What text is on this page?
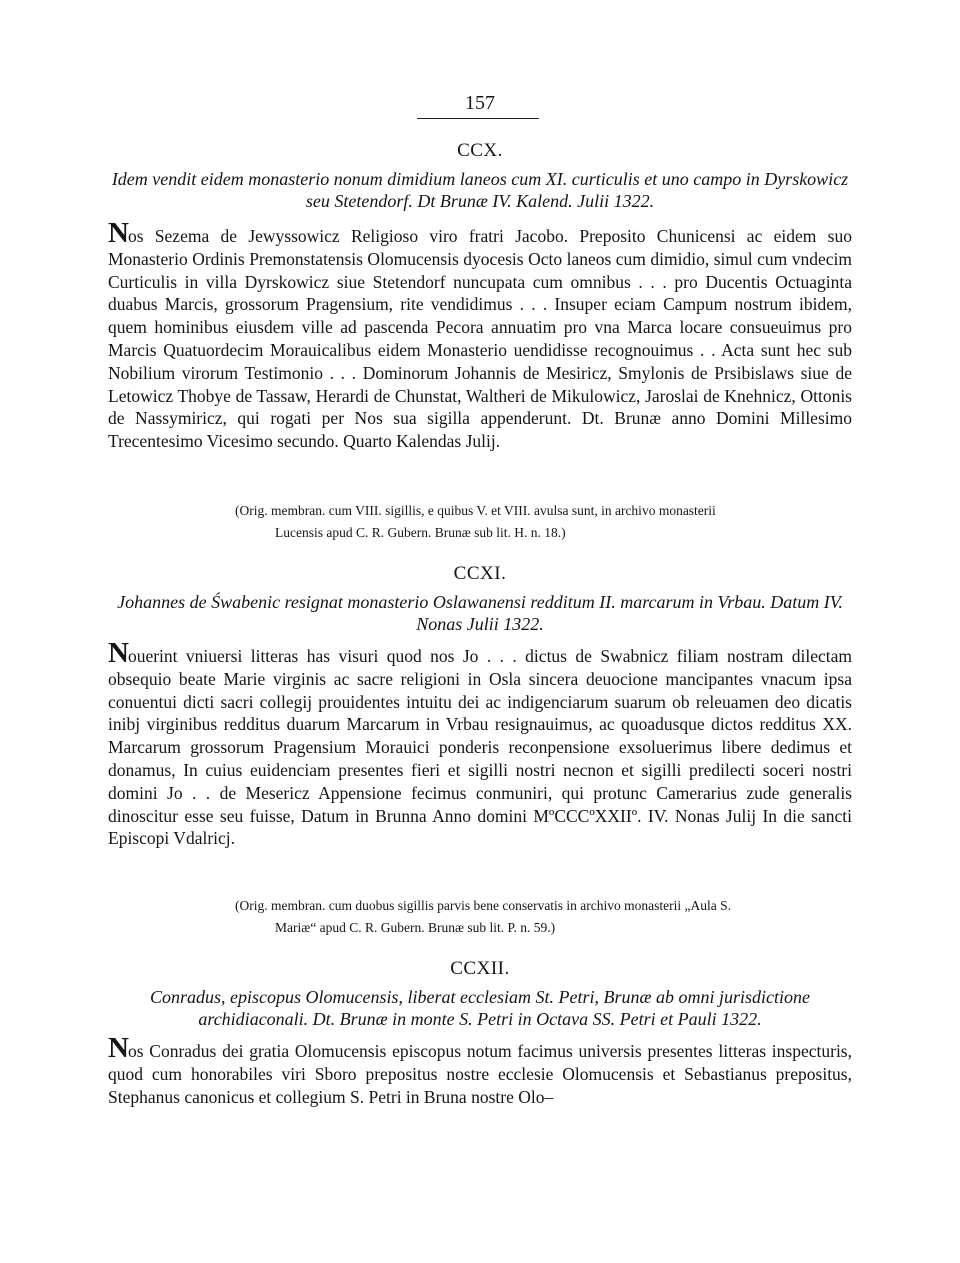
157
CCX.
Idem vendit eidem monasterio nonum dimidium laneos cum XI. curticulis et uno campo in Dyrskowicz seu Stetendorf. Dt Brunæ IV. Kalend. Julii 1322.

Nos Sezema de Jewyssowicz Religioso viro fratri Jacobo. Preposito Chunicensi ac eidem suo Monasterio Ordinis Premonstatensis Olomucensis dyocesis Octo laneos cum dimidio, simul cum vndecim Curticulis in villa Dyrskowicz siue Stetendorf nuncupata cum omnibus . . . pro Ducentis Octuaginta duabus Marcis, grossorum Pragensium, rite vendidimus . . . Insuper eciam Campum nostrum ibidem, quem hominibus eiusdem ville ad pascenda Pecora annuatim pro vna Marca locare consueuimus pro Marcis Quatuordecim Morauicalibus eidem Monasterio uendidisse recognouimus . . Acta sunt hec sub Nobilium virorum Testimonio . . . Dominorum Johannis de Mesiricz, Smylonis de Prsibislaws siue de Letowicz Thobye de Tassaw, Herardi de Chunstat, Waltheri de Mikulowicz, Jaroslai de Knehnicz, Ottonis de Nassymiricz, qui rogati per Nos sua sigilla appenderunt. Dt. Brunæ anno Domini Millesimo Trecentesimo Vicesimo secundo. Quarto Kalendas Julij.

(Orig. membran. cum VIII. sigillis, e quibus V. et VIII. avulsa sunt, in archivo monasterii

Lucensis apud C. R. Gubern. Brunæ sub lit. H. n. 18.)

CCXI.
Johannes de Śwabenic resignat monasterio Oslawanensi redditum II. marcarum in Vrbau. Datum IV. Nonas Julii 1322.

Nouerint vniuersi litteras has visuri quod nos Jo . . . dictus de Swabnicz filiam nostram dilectam obsequio beate Marie virginis ac sacre religioni in Osla sincera deuocione mancipantes vnacum ipsa conuentui dicti sacri collegij prouidentes intuitu dei ac indigenciarum suarum ob releuamen deo dicatis inibj virginibus redditus duarum Marcarum in Vrbau resignauimus, ac quoadusque dictos redditus XX. Marcarum grossorum Pragensium Morauici ponderis reconpensione exsoluerimus libere dedimus et donamus, In cuius euidenciam presentes fieri et sigilli nostri necnon et sigilli predilecti soceri nostri domini Jo . . de Mesericz Appensione fecimus conmuniri, qui protunc Camerarius zude generalis dinoscitur esse seu fuisse, Datum in Brunna Anno domini MºCCCºXXIIº. IV. Nonas Julij In die sancti Episcopi Vdalricj.

(Orig. membran. cum duobus sigillis parvis bene conservatis in archivo monasterii „Aula S.

Mariæ“ apud C. R. Gubern. Brunæ sub lit. P. n. 59.)

CCXII.
Conradus, episcopus Olomucensis, liberat ecclesiam St. Petri, Brunæ ab omni jurisdictione archidiaconali. Dt. Brunæ in monte S. Petri in Octava SS. Petri et Pauli 1322.

Nos Conradus dei gratia Olomucensis episcopus notum facimus universis presentes litteras inspecturis, quod cum honorabiles viri Sboro prepositus nostre ecclesie Olomucensis et Sebastianus prepositus, Stephanus canonicus et collegium S. Petri in Bruna nostre Olo–
